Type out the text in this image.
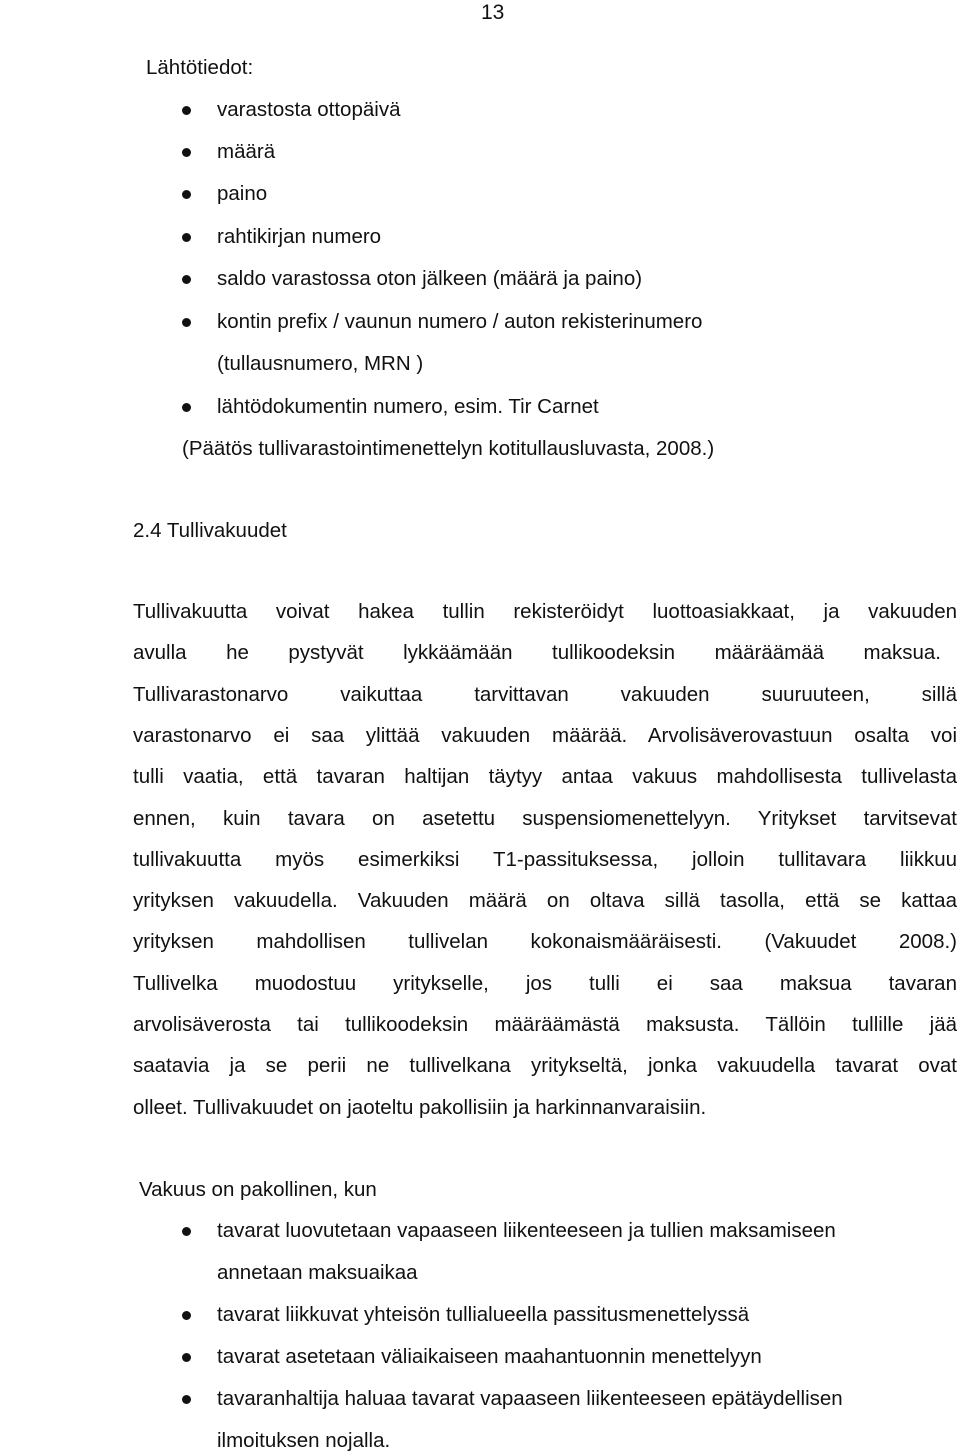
13
Lähtötiedot:
varastosta ottopäivä
määrä
paino
rahtikirjan numero
saldo varastossa oton jälkeen (määrä ja paino)
kontin prefix / vaunun numero / auton rekisterinumero
(tullausnumero, MRN )
lähtödokumentin numero, esim. Tir Carnet
(Päätös tullivarastointimenettelyn kotitullausluvasta, 2008.)
2.4 Tullivakuudet
Tullivakuutta voivat hakea tullin rekisteröidyt luottoasiakkaat, ja vakuuden
avulla he pystyvät lykkäämään tullikoodeksin määräämää maksua.
Tullivarastonarvo vaikuttaa tarvittavan vakuuden suuruuteen, sillä
varastonarvo ei saa ylittää vakuuden määrää. Arvolisäverovastuun osalta voi
tulli vaatia, että tavaran haltijan täytyy antaa vakuus mahdollisesta tullivelasta
ennen, kuin tavara on asetettu suspensiomenettelyyn. Yritykset tarvitsevat
tullivakuutta myös esimerkiksi T1-passituksessa, jolloin tullitavara liikkuu
yrityksen vakuudella. Vakuuden määrä on oltava sillä tasolla, että se kattaa
yrityksen mahdollisen tullivelan kokonaismääräisesti. (Vakuudet 2008.)
Tullivelka muodostuu yritykselle, jos tulli ei saa maksua tavaran
arvolisäverosta tai tullikoodeksin määräämästä maksusta. Tällöin tullille jää
saatavia ja se perii ne tullivelkana yritykseltä, jonka vakuudella tavarat ovat
olleet. Tullivakuudet on jaoteltu pakollisiin ja harkinnanvaraisiin.
Vakuus on pakollinen, kun
tavarat luovutetaan vapaaseen liikenteeseen ja tullien maksamiseen
annetaan maksuaikaa
tavarat liikkuvat yhteisön tullialueella passitusmenettelyssä
tavarat asetetaan väliaikaiseen maahantuonnin menettelyyn
tavaranhaltija haluaa tavarat vapaaseen liikenteeseen epätäydellisen
ilmoituksen nojalla.
